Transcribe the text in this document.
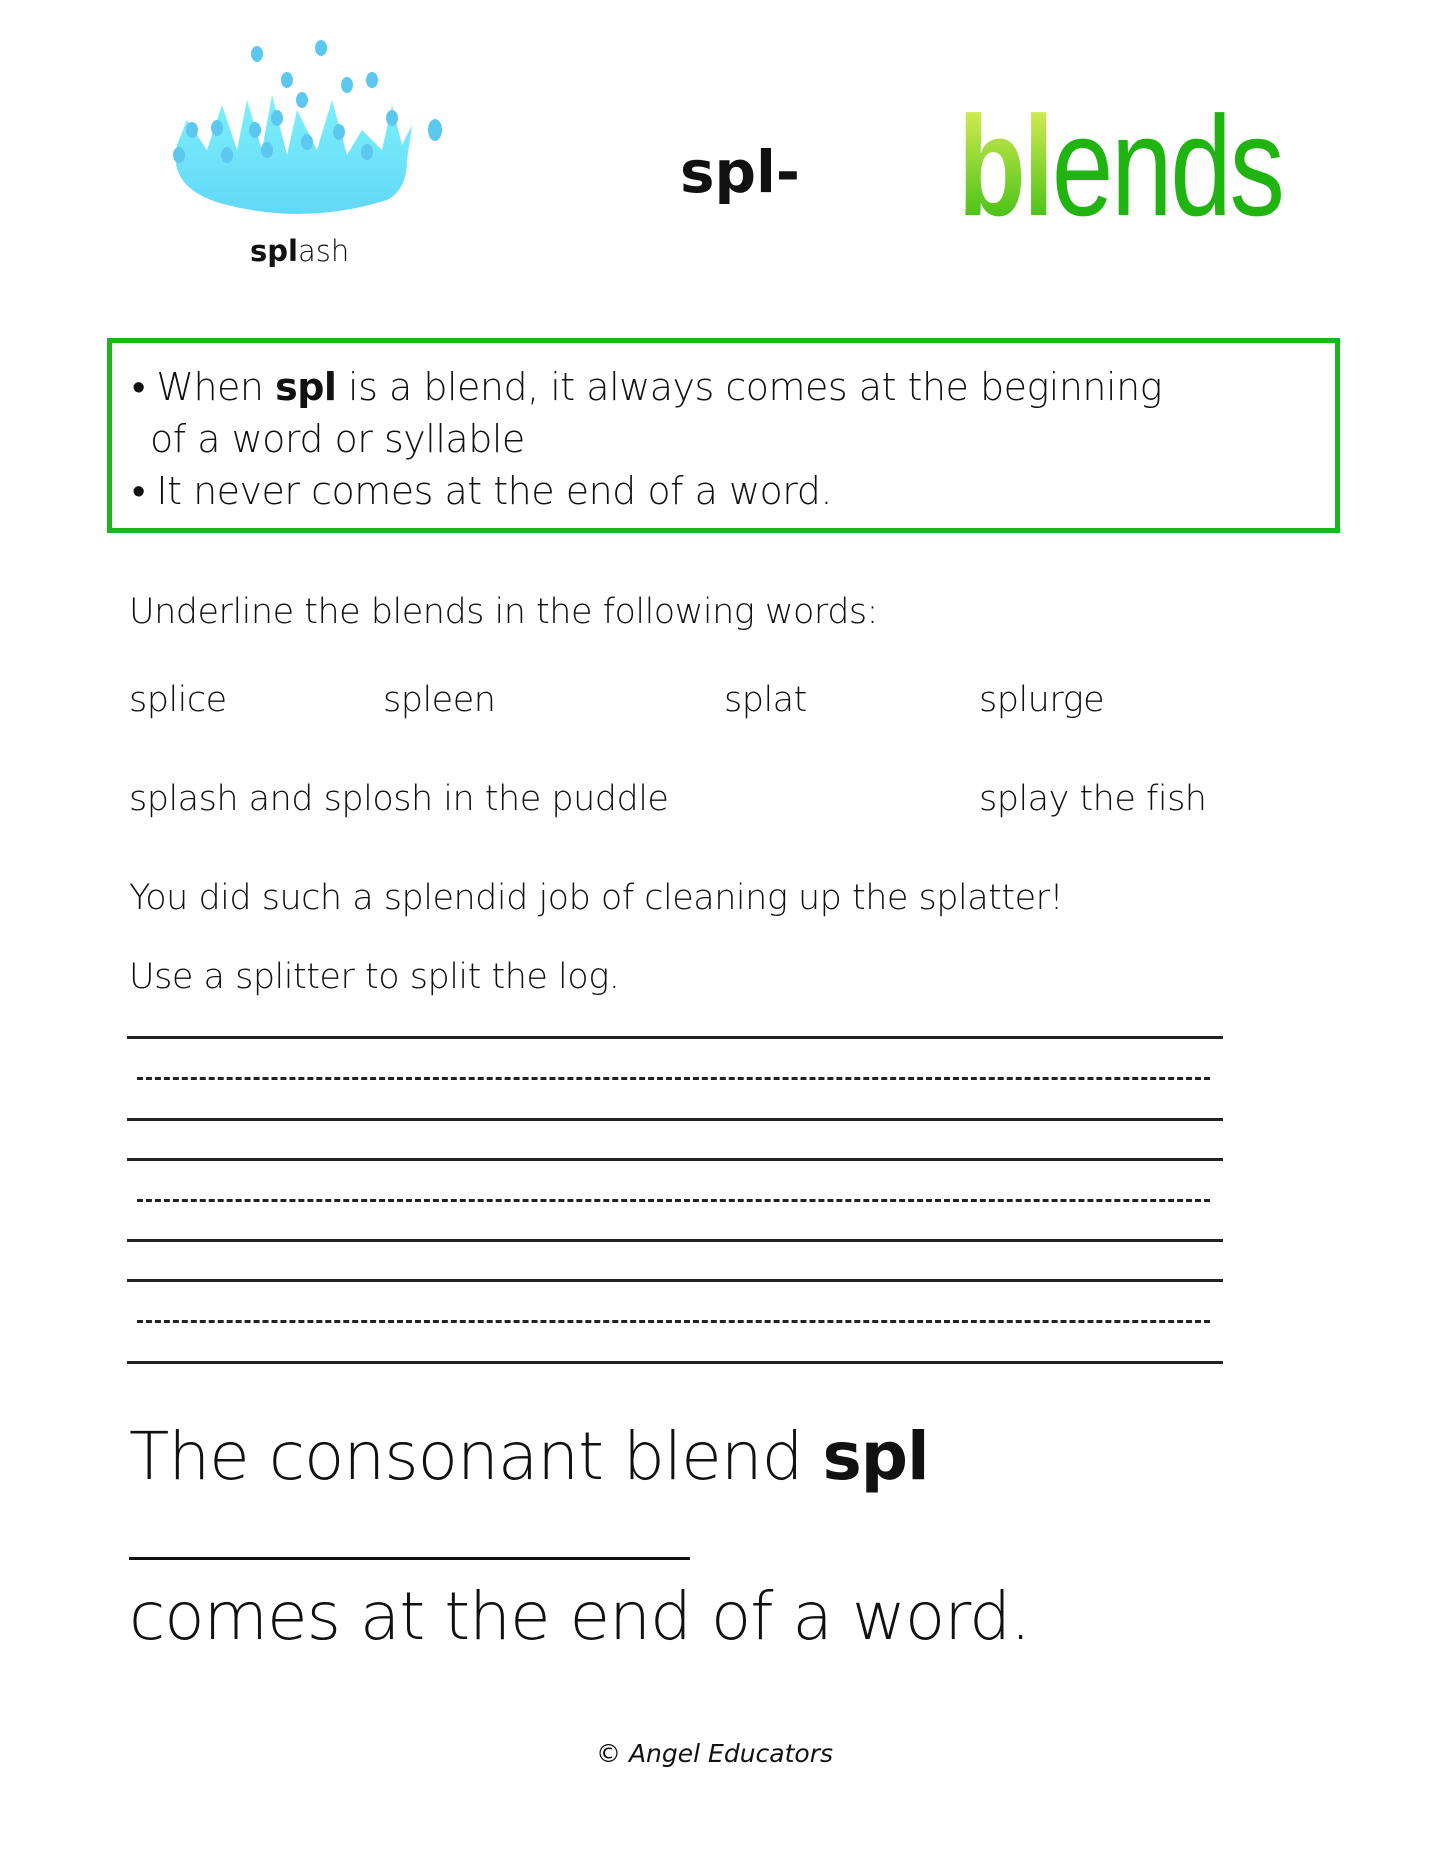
splash
spl- blends
• When spl is a blend, it always comes at the beginning
of a word or syllable
• It never comes at the end of a word.
Underline the blends in the following words:
splice	spleen	splat	splurge
splash and splosh in the puddle	splay the fish
You did such a splendid job of cleaning up the splatter!
Use a splitter to split the log.
The consonant blend spl
comes at the end of a word.
© Angel Educators
